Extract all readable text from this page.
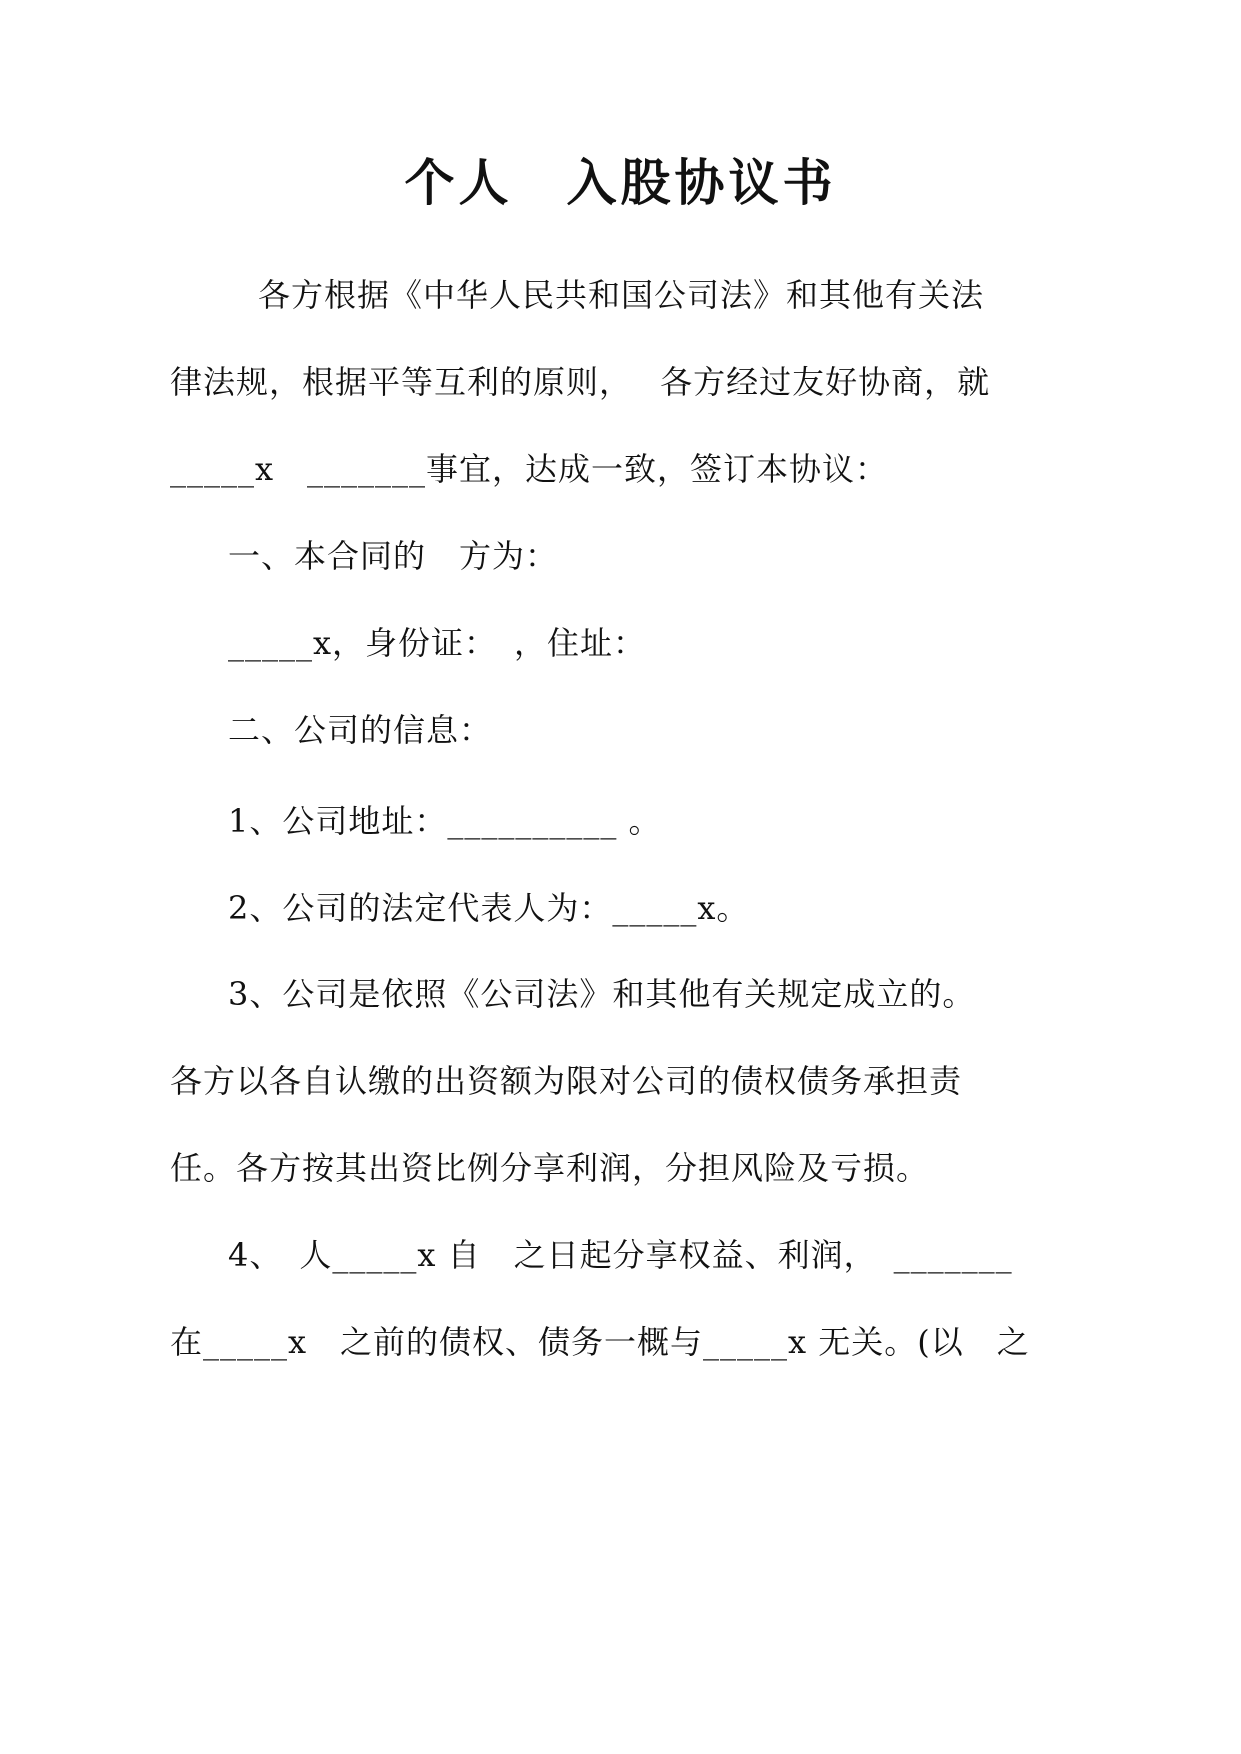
个人　入股协议书
各方根据《中华人民共和国公司法》和其他有关法
律法规，根据平等互利的原则，　 各方经过友好协商，就
_____x　_______事宜，达成一致，签订本协议：
一、本合同的　方为：
_____x，身份证：　，住址：
二、公司的信息：
1、公司地址：__________ 。
2、公司的法定代表人为：_____x。
3、公司是依照《公司法》和其他有关规定成立的。
各方以各自认缴的出资额为限对公司的债权债务承担责
任。各方按其出资比例分享利润，分担风险及亏损。
4、　人_____x 自　之日起分享权益、利润，　_______
在_____x　之前的债权、债务一概与_____x 无关。(以　之
